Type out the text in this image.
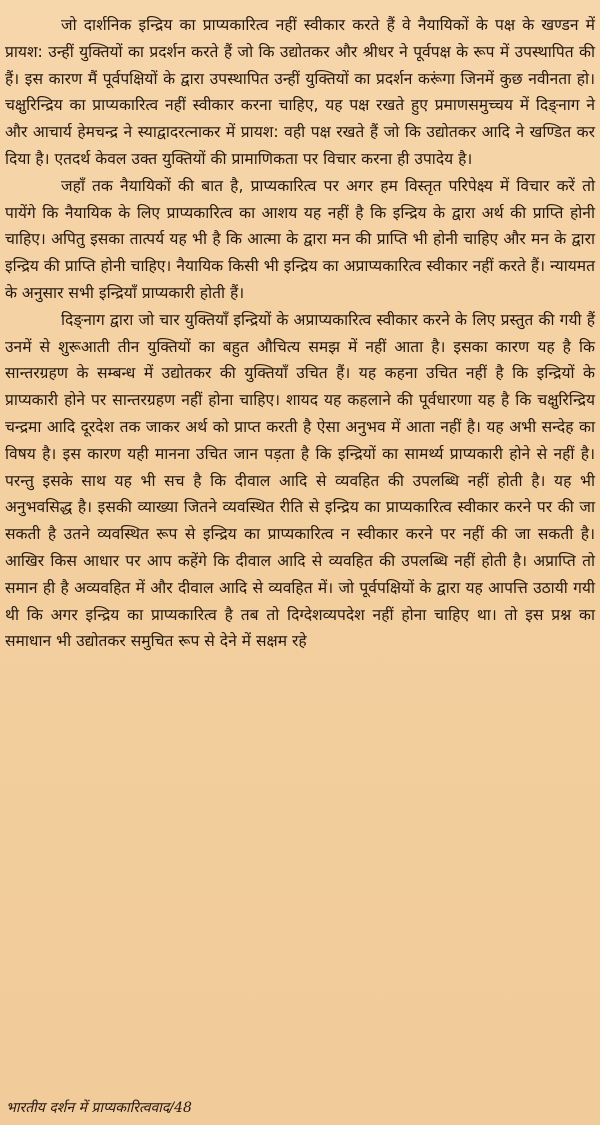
जो दार्शनिक इन्द्रिय का प्राप्यकारित्व नहीं स्वीकार करते हैं वे नैयायिकों के पक्ष के खण्डन में प्रायश: उन्हीं युक्तियों का प्रदर्शन करते हैं जो कि उद्योतकर और श्रीधर ने पूर्वपक्ष के रूप में उपस्थापित की हैं। इस कारण मैं पूर्वपक्षियों के द्वारा उपस्थापित उन्हीं युक्तियों का प्रदर्शन करूंगा जिनमें कुछ नवीनता हो। चक्षुरिन्द्रिय का प्राप्यकारित्व नहीं स्वीकार करना चाहिए, यह पक्ष रखते हुए प्रमाणसमुच्चय में दिङ्नाग ने और आचार्य हेमचन्द्र ने स्याद्वादरत्नाकर में प्रायश: वही पक्ष रखते हैं जो कि उद्योतकर आदि ने खण्डित कर दिया है। एतदर्थ केवल उक्त युक्तियों की प्रामाणिकता पर विचार करना ही उपादेय है।

जहाँ तक नैयायिकों की बात है, प्राप्यकारित्व पर अगर हम विस्तृत परिपेक्ष्य में विचार करें तो पायेंगे कि नैयायिक के लिए प्राप्यकारित्व का आशय यह नहीं है कि इन्द्रिय के द्वारा अर्थ की प्राप्ति होनी चाहिए। अपितु इसका तात्पर्य यह भी है कि आत्मा के द्वारा मन की प्राप्ति भी होनी चाहिए और मन के द्वारा इन्द्रिय की प्राप्ति होनी चाहिए। नैयायिक किसी भी इन्द्रिय का अप्राप्यकारित्व स्वीकार नहीं करते हैं। न्यायमत के अनुसार सभी इन्द्रियाँ प्राप्यकारी होती हैं।

दिङ्नाग द्वारा जो चार युक्तियाँ इन्द्रियों के अप्राप्यकारित्व स्वीकार करने के लिए प्रस्तुत की गयी हैं उनमें से शुरूआती तीन युक्तियों का बहुत औचित्य समझ में नहीं आता है। इसका कारण यह है कि सान्तरग्रहण के सम्बन्ध में उद्योतकर की युक्तियाँ उचित हैं। यह कहना उचित नहीं है कि इन्द्रियों के प्राप्यकारी होने पर सान्तरग्रहण नहीं होना चाहिए। शायद यह कहलाने की पूर्वधारणा यह है कि चक्षुरिन्द्रिय चन्द्रमा आदि दूरदेश तक जाकर अर्थ को प्राप्त करती है ऐसा अनुभव में आता नहीं है। यह अभी सन्देह का विषय है। इस कारण यही मानना उचित जान पड़ता है कि इन्द्रियों का सामर्थ्य प्राप्यकारी होने से नहीं है। परन्तु इसके साथ यह भी सच है कि दीवाल आदि से व्यवहित की उपलब्धि नहीं होती है। यह भी अनुभवसिद्ध है। इसकी व्याख्या जितने व्यवस्थित रीति से इन्द्रिय का प्राप्यकारित्व स्वीकार करने पर की जा सकती है उतने व्यवस्थित रूप से इन्द्रिय का प्राप्यकारित्व न स्वीकार करने पर नहीं की जा सकती है। आखिर किस आधार पर आप कहेंगे कि दीवाल आदि से व्यवहित की उपलब्धि नहीं होती है। अप्राप्ति तो समान ही है अव्यवहित में और दीवाल आदि से व्यवहित में। जो पूर्वपक्षियों के द्वारा यह आपत्ति उठायी गयी थी कि अगर इन्द्रिय का प्राप्यकारित्व है तब तो दिग्देशव्यपदेश नहीं होना चाहिए था। तो इस प्रश्न का समाधान भी उद्योतकर समुचित रूप से देने में सक्षम रहे

भारतीय दर्शन में प्राप्यकारित्ववाद/48
